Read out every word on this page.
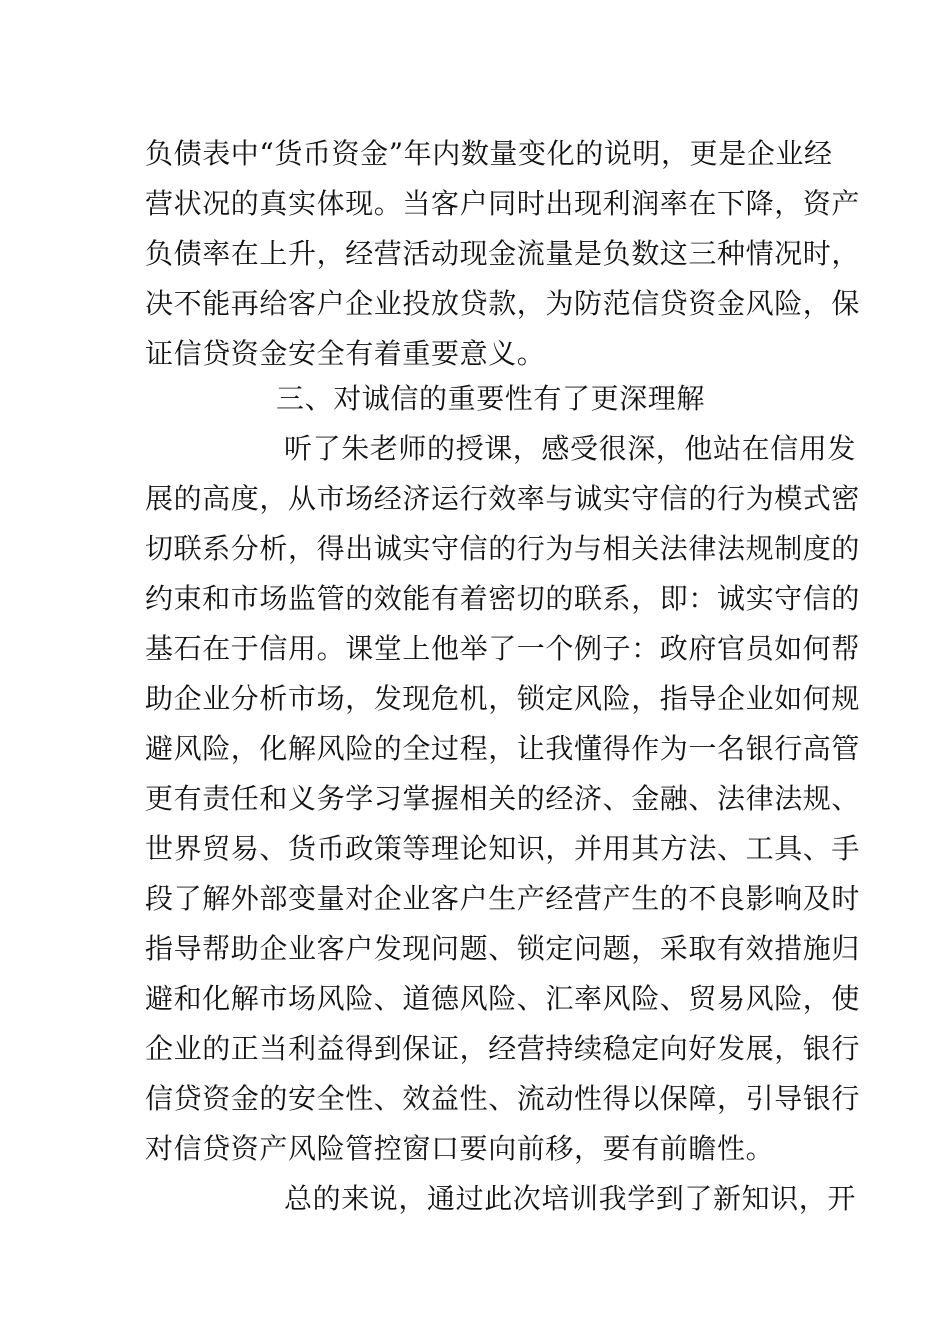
负债表中“货币资金”年内数量变化的说明，更是企业经
营状况的真实体现。当客户同时出现利润率在下降，资产
负债率在上升，经营活动现金流量是负数这三种情况时，
决不能再给客户企业投放贷款，为防范信贷资金风险，保
证信贷资金安全有着重要意义。
三、对诚信的重要性有了更深理解
听了朱老师的授课，感受很深，他站在信用发
展的高度，从市场经济运行效率与诚实守信的行为模式密
切联系分析，得出诚实守信的行为与相关法律法规制度的
约束和市场监管的效能有着密切的联系，即：诚实守信的
基石在于信用。课堂上他举了一个例子：政府官员如何帮
助企业分析市场，发现危机，锁定风险，指导企业如何规
避风险，化解风险的全过程，让我懂得作为一名银行高管
更有责任和义务学习掌握相关的经济、金融、法律法规、
世界贸易、货币政策等理论知识，并用其方法、工具、手
段了解外部变量对企业客户生产经营产生的不良影响及时
指导帮助企业客户发现问题、锁定问题，采取有效措施归
避和化解市场风险、道德风险、汇率风险、贸易风险，使
企业的正当利益得到保证，经营持续稳定向好发展，银行
信贷资金的安全性、效益性、流动性得以保障，引导银行
对信贷资产风险管控窗口要向前移，要有前瞻性。
总的来说，通过此次培训我学到了新知识，开
